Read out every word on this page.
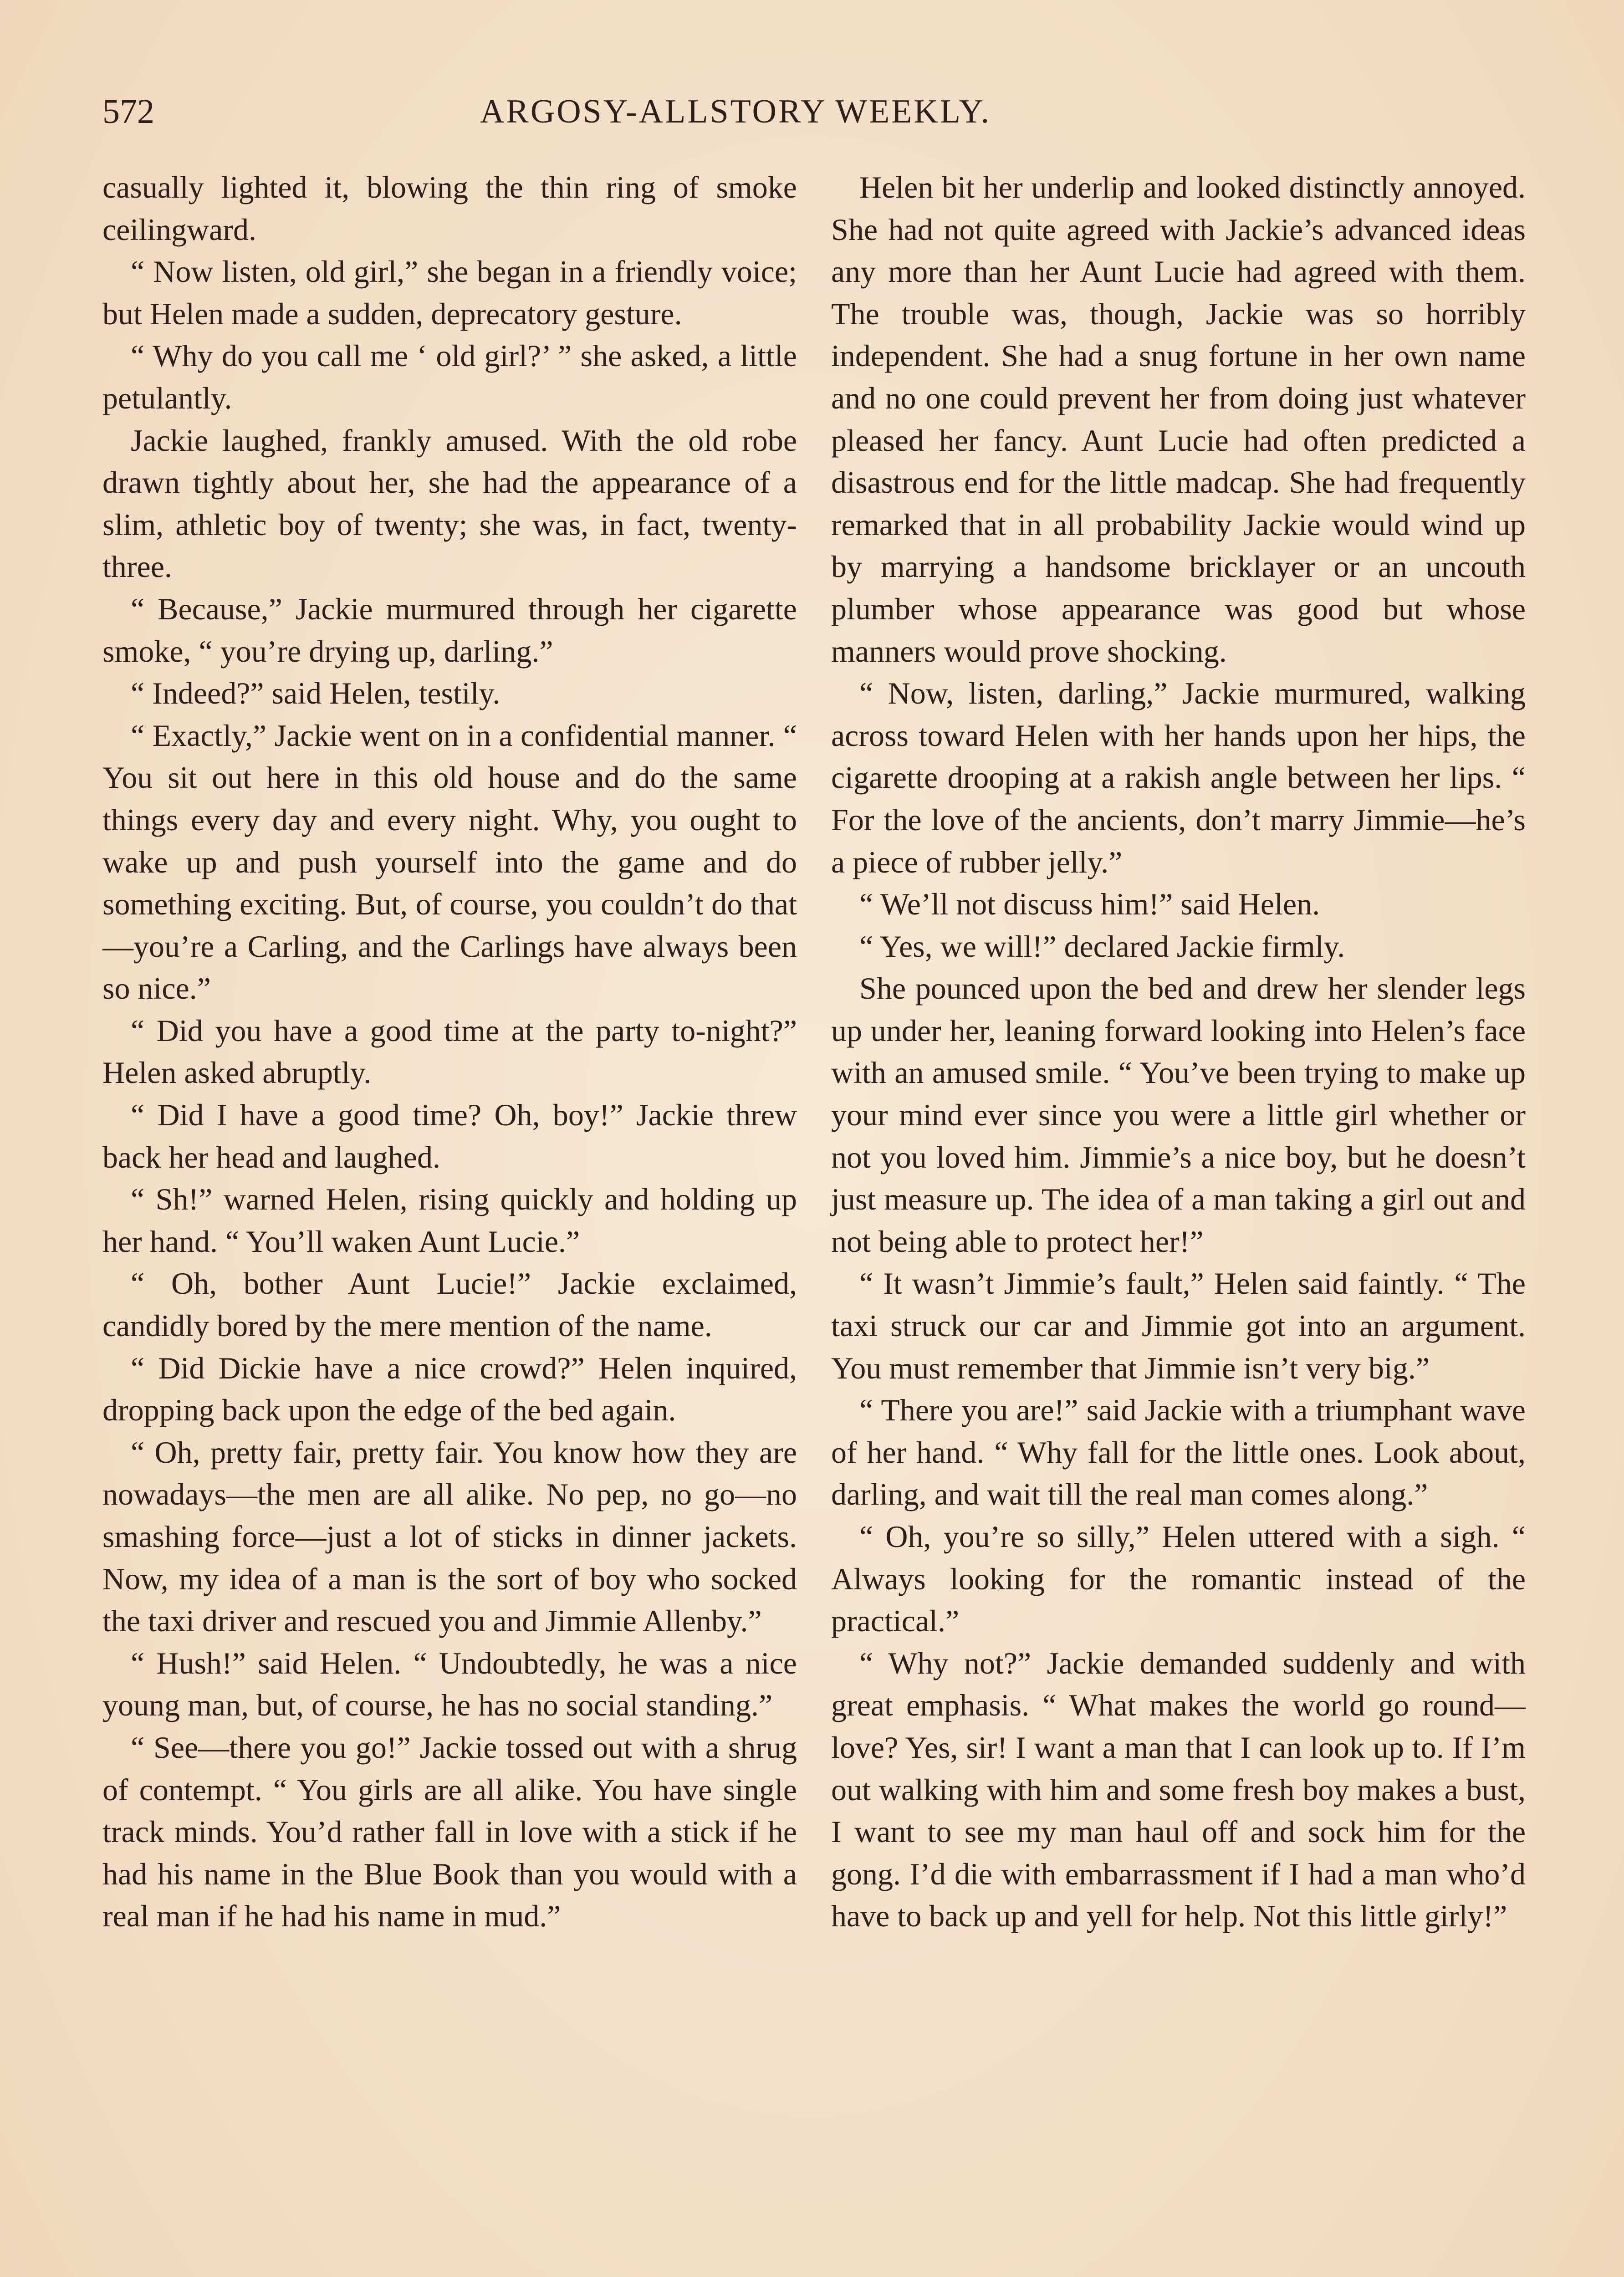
572	ARGOSY-ALLSTORY WEEKLY.

casually lighted it, blowing the thin ring of smoke ceilingward.

“ Now listen, old girl,” she began in a friendly voice; but Helen made a sudden, deprecatory gesture.

“ Why do you call me ‘ old girl?’ ” she asked, a little petulantly.

Jackie laughed, frankly amused. With the old robe drawn tightly about her, she had the appearance of a slim, athletic boy of twenty; she was, in fact, twenty-three.

“ Because,” Jackie murmured through her cigarette smoke, “ you’re drying up, darling.”

“ Indeed?” said Helen, testily.

“ Exactly,” Jackie went on in a confidential manner. “ You sit out here in this old house and do the same things every day and every night. Why, you ought to wake up and push yourself into the game and do something exciting. But, of course, you couldn’t do that—you’re a Carling, and the Carlings have always been so nice.”

“ Did you have a good time at the party to-night?” Helen asked abruptly.

“ Did I have a good time? Oh, boy!” Jackie threw back her head and laughed.

“ Sh!” warned Helen, rising quickly and holding up her hand. “ You’ll waken Aunt Lucie.”

“ Oh, bother Aunt Lucie!” Jackie exclaimed, candidly bored by the mere mention of the name.

“ Did Dickie have a nice crowd?” Helen inquired, dropping back upon the edge of the bed again.

“ Oh, pretty fair, pretty fair. You know how they are nowadays—the men are all alike. No pep, no go—no smashing force—just a lot of sticks in dinner jackets. Now, my idea of a man is the sort of boy who socked the taxi driver and rescued you and Jimmie Allenby.”

“ Hush!” said Helen. “ Undoubtedly, he was a nice young man, but, of course, he has no social standing.”

“ See—there you go!” Jackie tossed out with a shrug of contempt. “ You girls are all alike. You have single track minds. You’d rather fall in love with a stick if he had his name in the Blue Book than you would with a real man if he had his name in mud.”

Helen bit her underlip and looked distinctly annoyed. She had not quite agreed with Jackie’s advanced ideas any more than her Aunt Lucie had agreed with them. The trouble was, though, Jackie was so horribly independent. She had a snug fortune in her own name and no one could prevent her from doing just whatever pleased her fancy. Aunt Lucie had often predicted a disastrous end for the little madcap. She had frequently remarked that in all probability Jackie would wind up by marrying a handsome bricklayer or an uncouth plumber whose appearance was good but whose manners would prove shocking.

“ Now, listen, darling,” Jackie murmured, walking across toward Helen with her hands upon her hips, the cigarette drooping at a rakish angle between her lips. “ For the love of the ancients, don’t marry Jimmie—he’s a piece of rubber jelly.”

“ We’ll not discuss him!” said Helen.

“ Yes, we will!” declared Jackie firmly.

She pounced upon the bed and drew her slender legs up under her, leaning forward looking into Helen’s face with an amused smile. “ You’ve been trying to make up your mind ever since you were a little girl whether or not you loved him. Jimmie’s a nice boy, but he doesn’t just measure up. The idea of a man taking a girl out and not being able to protect her!”

“ It wasn’t Jimmie’s fault,” Helen said faintly. “ The taxi struck our car and Jimmie got into an argument. You must remember that Jimmie isn’t very big.”

“ There you are!” said Jackie with a triumphant wave of her hand. “ Why fall for the little ones. Look about, darling, and wait till the real man comes along.”

“ Oh, you’re so silly,” Helen uttered with a sigh. “ Always looking for the romantic instead of the practical.”

“ Why not?” Jackie demanded suddenly and with great emphasis. “ What makes the world go round—love? Yes, sir! I want a man that I can look up to. If I’m out walking with him and some fresh boy makes a bust, I want to see my man haul off and sock him for the gong. I’d die with embarrassment if I had a man who’d have to back up and yell for help. Not this little girly!”
